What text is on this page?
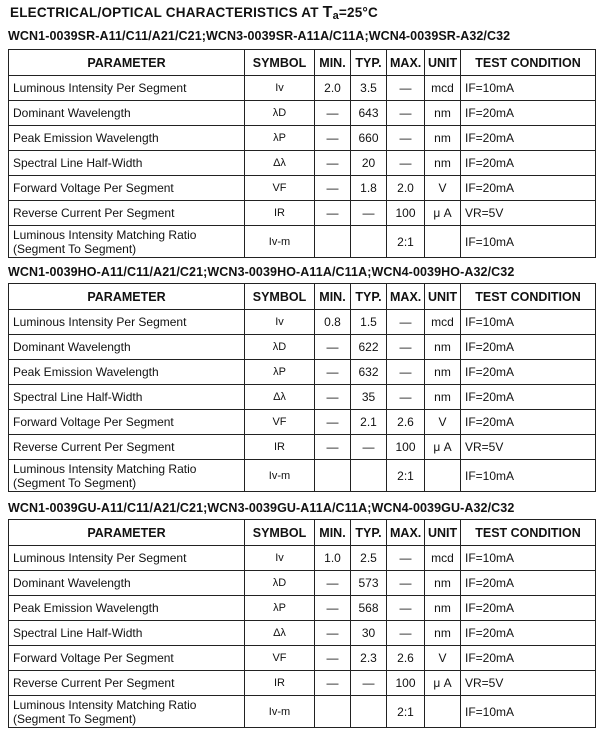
ELECTRICAL/OPTICAL CHARACTERISTICS AT Ta=25°C
WCN1-0039SR-A11/C11/A21/C21;WCN3-0039SR-A11A/C11A;WCN4-0039SR-A32/C32
PARAMETER	SYMBOL	MIN.	TYP.	MAX.	UNIT	TEST CONDITION
Luminous Intensity Per Segment	Iv	2.0	3.5	—	mcd	IF=10mA
Dominant Wavelength	λD	—	643	—	nm	IF=20mA
Peak Emission Wavelength	λP	—	660	—	nm	IF=20mA
Spectral Line Half-Width	Δλ	—	20	—	nm	IF=20mA
Forward Voltage Per Segment	VF	—	1.8	2.0	V	IF=20mA
Reverse Current Per Segment	IR	—	—	100	μ A	VR=5V
Luminous Intensity Matching Ratio (Segment To Segment)	Iv-m			2:1		IF=10mA
WCN1-0039HO-A11/C11/A21/C21;WCN3-0039HO-A11A/C11A;WCN4-0039HO-A32/C32
PARAMETER	SYMBOL	MIN.	TYP.	MAX.	UNIT	TEST CONDITION
Luminous Intensity Per Segment	Iv	0.8	1.5	—	mcd	IF=10mA
Dominant Wavelength	λD	—	622	—	nm	IF=20mA
Peak Emission Wavelength	λP	—	632	—	nm	IF=20mA
Spectral Line Half-Width	Δλ	—	35	—	nm	IF=20mA
Forward Voltage Per Segment	VF	—	2.1	2.6	V	IF=20mA
Reverse Current Per Segment	IR	—	—	100	μ A	VR=5V
Luminous Intensity Matching Ratio (Segment To Segment)	Iv-m			2:1		IF=10mA
WCN1-0039GU-A11/C11/A21/C21;WCN3-0039GU-A11A/C11A;WCN4-0039GU-A32/C32
PARAMETER	SYMBOL	MIN.	TYP.	MAX.	UNIT	TEST CONDITION
Luminous Intensity Per Segment	Iv	1.0	2.5	—	mcd	IF=10mA
Dominant Wavelength	λD	—	573	—	nm	IF=20mA
Peak Emission Wavelength	λP	—	568	—	nm	IF=20mA
Spectral Line Half-Width	Δλ	—	30	—	nm	IF=20mA
Forward Voltage Per Segment	VF	—	2.3	2.6	V	IF=20mA
Reverse Current Per Segment	IR	—	—	100	μ A	VR=5V
Luminous Intensity Matching Ratio (Segment To Segment)	Iv-m			2:1		IF=10mA
